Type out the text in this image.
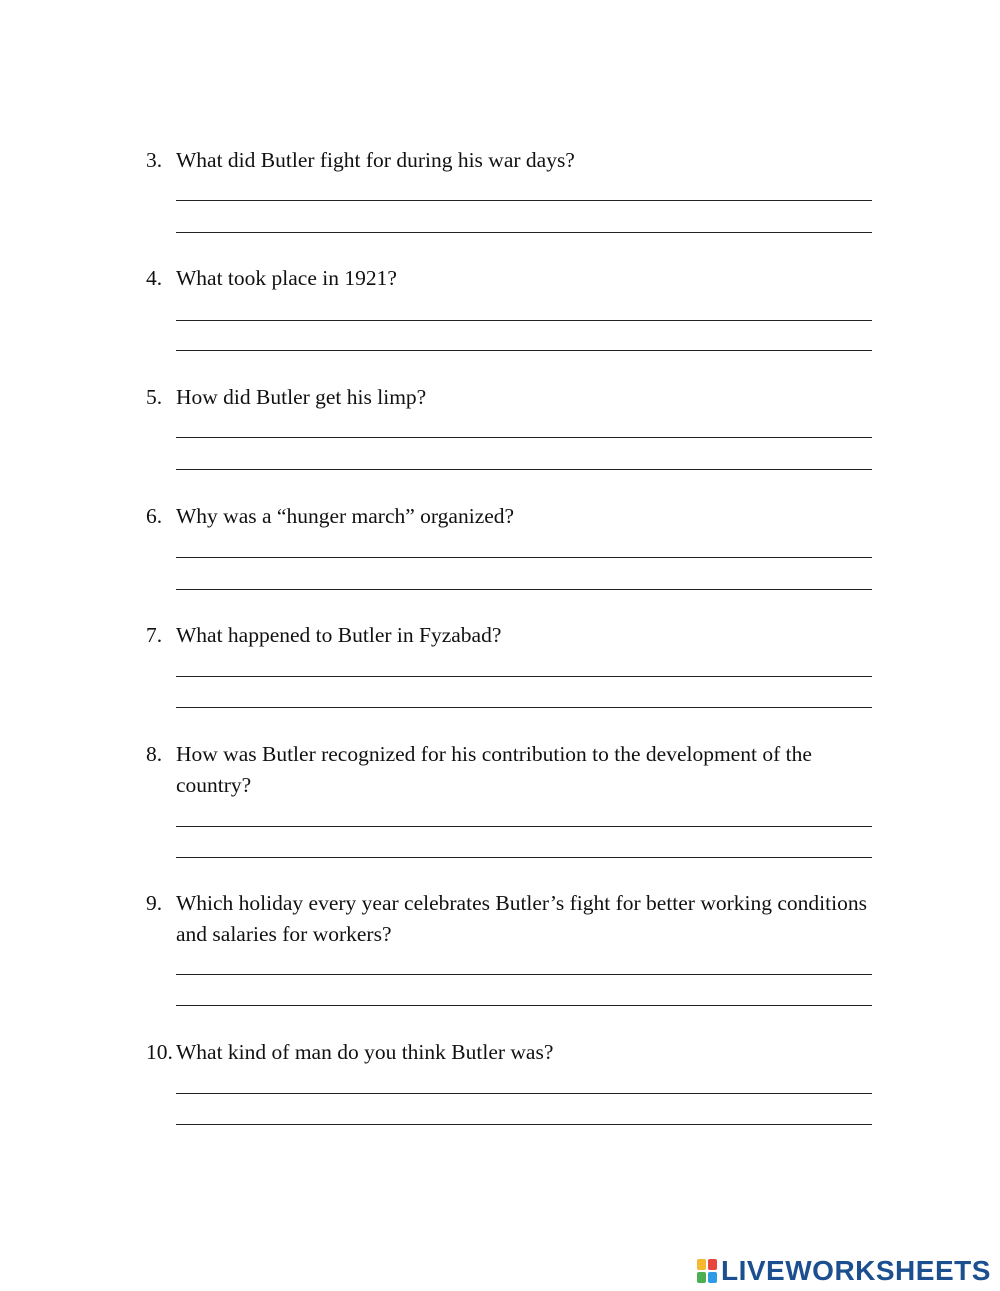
3. What did Butler fight for during his war days?
4. What took place in 1921?
5. How did Butler get his limp?
6. Why was a “hunger march” organized?
7. What happened to Butler in Fyzabad?
8. How was Butler recognized for his contribution to the development of the country?
9. Which holiday every year celebrates Butler’s fight for better working conditions and salaries for workers?
10. What kind of man do you think Butler was?
LIVEWORKSHEETS
